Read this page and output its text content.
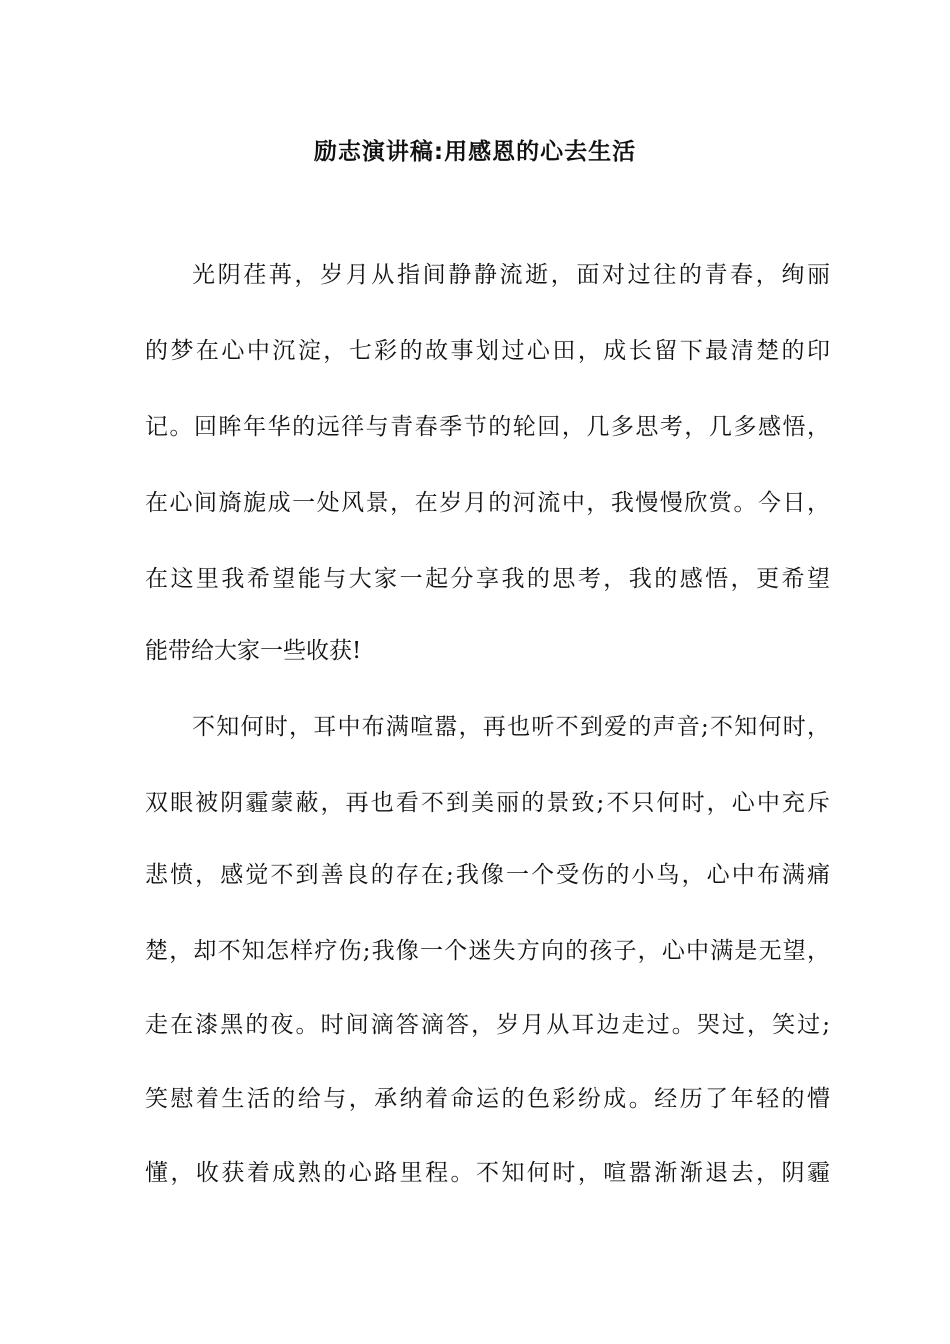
励志演讲稿:用感恩的心去生活

光阴荏苒，岁月从指间静静流逝，面对过往的青春，绚丽

的梦在心中沉淀，七彩的故事划过心田，成长留下最清楚的印

记。回眸年华的远徉与青春季节的轮回，几多思考，几多感悟，

在心间旖旎成一处风景，在岁月的河流中，我慢慢欣赏。今日，

在这里我希望能与大家一起分享我的思考，我的感悟，更希望

能带给大家一些收获!

不知何时，耳中布满喧嚣，再也听不到爱的声音;不知何时，

双眼被阴霾蒙蔽，再也看不到美丽的景致;不只何时，心中充斥

悲愤，感觉不到善良的存在;我像一个受伤的小鸟，心中布满痛

楚，却不知怎样疗伤;我像一个迷失方向的孩子，心中满是无望，

走在漆黑的夜。时间滴答滴答，岁月从耳边走过。哭过，笑过;

笑慰着生活的给与，承纳着命运的色彩纷成。经历了年轻的懵

懂，收获着成熟的心路里程。不知何时，喧嚣渐渐退去，阴霾
